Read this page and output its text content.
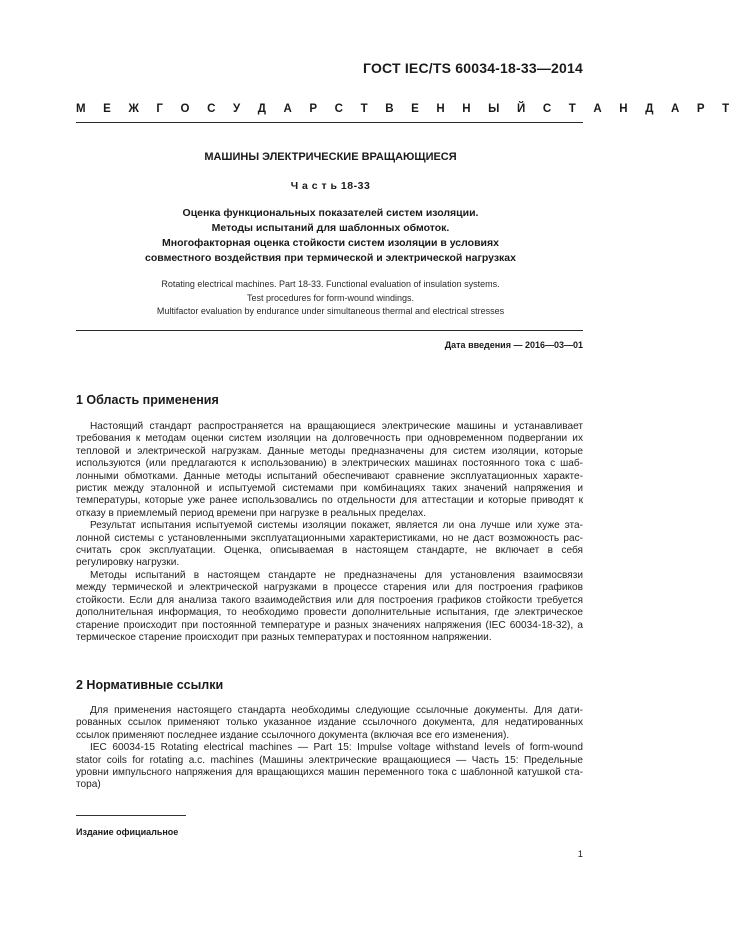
ГОСТ IEC/TS 60034-18-33—2014
М Е Ж Г О С У Д А Р С Т В Е Н Н Ы Й С Т А Н Д А Р Т
МАШИНЫ ЭЛЕКТРИЧЕСКИЕ ВРАЩАЮЩИЕСЯ
Ч а с т ь 18-33
Оценка функциональных показателей систем изоляции.
Методы испытаний для шаблонных обмоток.
Многофакторная оценка стойкости систем изоляции в условиях
совместного воздействия при термической и электрической нагрузках
Rotating electrical machines. Part 18-33. Functional evaluation of insulation systems.
Test procedures for form-wound windings.
Multifactor evaluation by endurance under simultaneous thermal and electrical stresses
Дата введения — 2016—03—01
1 Область применения
Настоящий стандарт распространяется на вращающиеся электрические машины и устанавливает
требования к методам оценки систем изоляции на долговечность при одновременном подвергании их
тепловой и электрической нагрузкам. Данные методы предназначены для систем изоляции, которые
используются (или предлагаются к использованию) в электрических машинах постоянного тока с шаб-
лонными обмотками. Данные методы испытаний обеспечивают сравнение эксплуатационных характе-
ристик между эталонной и испытуемой системами при комбинациях таких значений напряжения и
температуры, которые уже ранее использовались по отдельности для аттестации и которые приводят к
отказу в приемлемый период времени при нагрузке в реальных пределах.
Результат испытания испытуемой системы изоляции покажет, является ли она лучше или хуже эта-
лонной системы с установленными эксплуатационными характеристиками, но не даст возможность рас-
считать срок эксплуатации. Оценка, описываемая в настоящем стандарте, не включает в себя
регулировку нагрузки.
Методы испытаний в настоящем стандарте не предназначены для установления взаимосвязи
между термической и электрической нагрузками в процессе старения или для построения графиков
стойкости. Если для анализа такого взаимодействия или для построения графиков стойкости требуется
дополнительная информация, то необходимо провести дополнительные испытания, где электрическое
старение происходит при постоянной температуре и разных значениях напряжения (IEC 60034-18-32), а
термическое старение происходит при разных температурах и постоянном напряжении.
2 Нормативные ссылки
Для применения настоящего стандарта необходимы следующие ссылочные документы. Для дати-
рованных ссылок применяют только указанное издание ссылочного документа, для недатированных
ссылок применяют последнее издание ссылочного документа (включая все его изменения).
IEC 60034-15 Rotating electrical machines — Part 15: Impulse voltage withstand levels of form-wound
stator coils for rotating a.c. machines (Машины электрические вращающиеся — Часть 15: Предельные
уровни импульсного напряжения для вращающихся машин переменного тока с шаблонной катушкой ста-
тора)
Издание официальное
1
